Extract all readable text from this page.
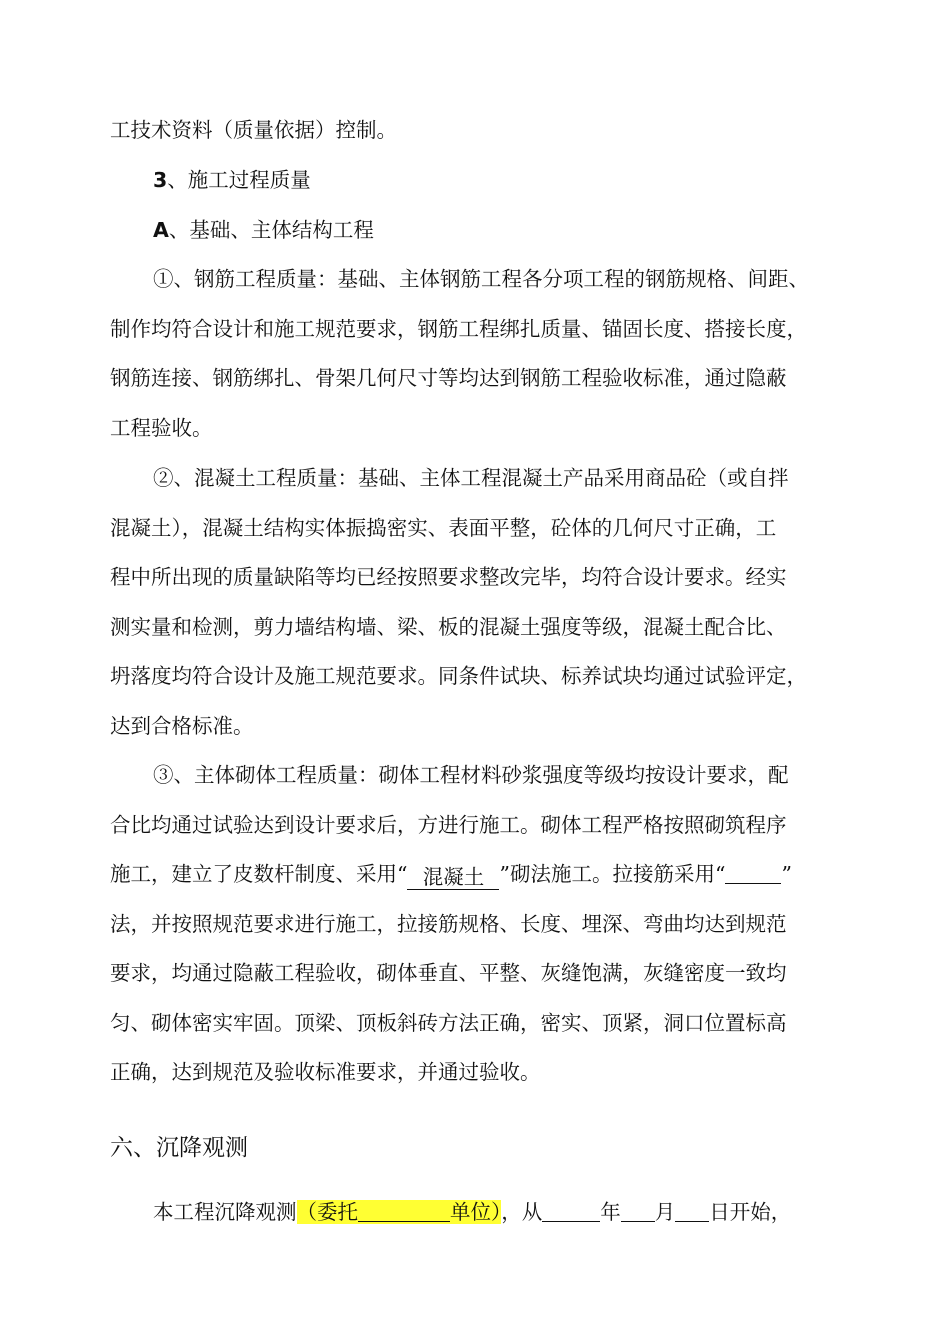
工技术资料（质量依据）控制。
3、施工过程质量
A、基础、主体结构工程
①、钢筋工程质量：基础、主体钢筋工程各分项工程的钢筋规格、间距、
制作均符合设计和施工规范要求，钢筋工程绑扎质量、锚固长度、搭接长度，
钢筋连接、钢筋绑扎、骨架几何尺寸等均达到钢筋工程验收标准，通过隐蔽
工程验收。
②、混凝土工程质量：基础、主体工程混凝土产品采用商品砼（或自拌
混凝土），混凝土结构实体振捣密实、表面平整，砼体的几何尺寸正确，工
程中所出现的质量缺陷等均已经按照要求整改完毕，均符合设计要求。经实
测实量和检测，剪力墙结构墙、梁、板的混凝土强度等级，混凝土配合比、
坍落度均符合设计及施工规范要求。同条件试块、标养试块均通过试验评定，
达到合格标准。
③、主体砌体工程质量：砌体工程材料砂浆强度等级均按设计要求，配
合比均通过试验达到设计要求后，方进行施工。砌体工程严格按照砌筑程序
施工，建立了皮数杆制度、采用“ 混凝土 ”砌法施工。拉接筋采用“	”
法，并按照规范要求进行施工，拉接筋规格、长度、埋深、弯曲均达到规范
要求，均通过隐蔽工程验收，砌体垂直、平整、灰缝饱满，灰缝密度一致均
匀、砌体密实牢固。顶梁、顶板斜砖方法正确，密实、顶紧，洞口位置标高
正确，达到规范及验收标准要求，并通过验收。
六、沉降观测
本工程沉降观测（委托	单位），从	年 月 日开始，
